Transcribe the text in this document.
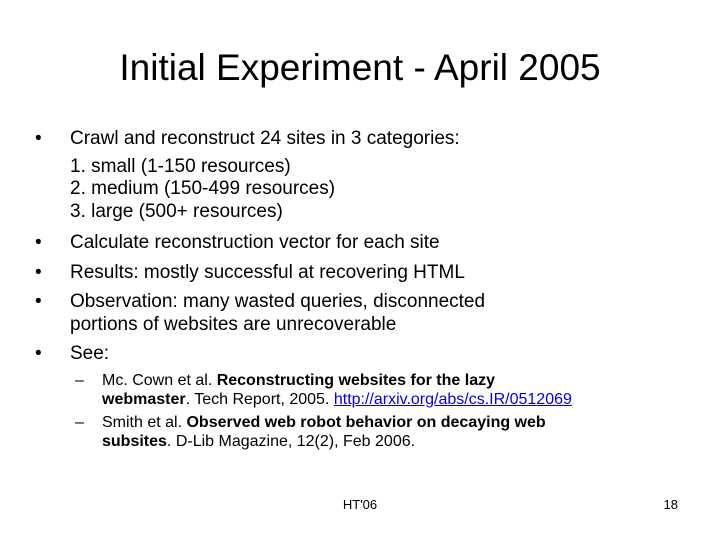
Initial Experiment - April 2005
• Crawl and reconstruct 24 sites in 3 categories:
1. small (1-150 resources)
2. medium (150-499 resources)
3. large (500+ resources)
• Calculate reconstruction vector for each site
• Results: mostly successful at recovering HTML
• Observation: many wasted queries, disconnected
portions of websites are unrecoverable
• See:
– Mc. Cown et al. Reconstructing websites for the lazy
webmaster. Tech Report, 2005. http://arxiv.org/abs/cs.IR/0512069
– Smith et al. Observed web robot behavior on decaying web
subsites. D-Lib Magazine, 12(2), Feb 2006.
HT'06	18
